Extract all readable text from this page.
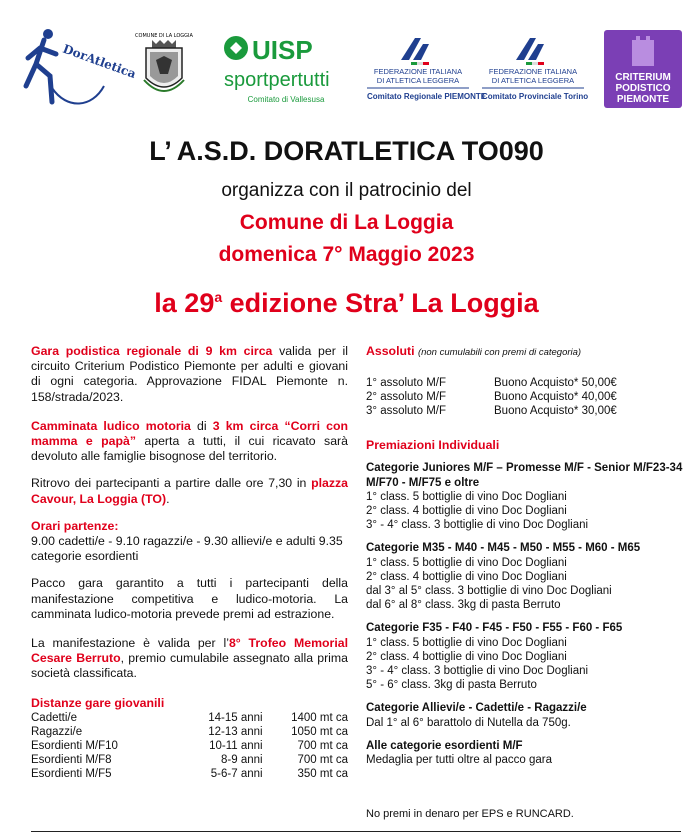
DorAtletica
COMUNE DI LA LOGGIA UISP
sportpertutti
Comitato di Vallesusa
FEDERAZIONE ITALIANA
DI ATLETICA LEGGERA
Comitato Regionale PIEMONTE
FEDERAZIONE ITALIANA
DI ATLETICA LEGGERA
Comitato Provinciale Torino
CRITERIUM
PODISTICO
PIEMONTE
L’ A.S.D. DORATLETICA TO090
organizza con il patrocinio del
Comune di La Loggia
domenica 7° Maggio 2023
la 29$^a$ edizione Stra’ La Loggia

Gara podistica regionale di 9 km circa valida per il circuito Criterium Podistico Piemonte per adulti e giovani di ogni categoria. Approvazione FIDAL Piemonte n. 158/strada/2023.

Camminata ludico motoria di 3 km circa “Corri con mamma e papà” aperta a tutti, il cui ricavato sarà devoluto alle famiglie bisognose del territorio.

Ritrovo dei partecipanti a partire dalle ore 7,30 in plazza Cavour, La Loggia (TO).

Orari partenze:

9.00 cadetti/e - 9.10 ragazzi/e - 9.30 allievi/e e adulti 9.35 categorie esordienti

Pacco gara garantito a tutti i partecipanti della manifestazione competitiva e ludico-motoria. La camminata ludico-motoria prevede premi ad estrazione.

La manifestazione è valida per l’8° Trofeo Memorial Cesare Berruto, premio cumulabile assegnato alla prima società classificata.

Distanze gare giovanili

Cadetti/e	14-15 anni	1400 mt ca
Ragazzi/e	12-13 anni	1050 mt ca
Esordienti M/F10	10-11 anni	700 mt ca
Esordienti M/F8	8-9 anni	700 mt ca
Esordienti M/F5	5-6-7 anni	350 mt ca

Assoluti (non cumulabili con premi di categoria)

1° assoluto M/F	Buono Acquisto* 50,00€
2° assoluto M/F	Buono Acquisto* 40,00€
3° assoluto M/F	Buono Acquisto* 30,00€

Premiazioni Individuali

Categorie Juniores M/F – Promesse M/F - Senior M/F23-34 M/F70 - M/F75 e oltre

1° class. 5 bottiglie di vino Doc Dogliani

2° class. 4 bottiglie di vino Doc Dogliani

3° - 4° class. 3 bottiglie di vino Doc Dogliani

Categorie M35 - M40 - M45 - M50 - M55 - M60 - M65

1° class. 5 bottiglie di vino Doc Dogliani

2° class. 4 bottiglie di vino Doc Dogliani

dal 3° al 5° class. 3 bottiglie di vino Doc Dogliani

dal 6° al 8° class. 3kg di pasta Berruto

Categorie F35 - F40 - F45 - F50 - F55 - F60 - F65

1° class. 5 bottiglie di vino Doc Dogliani

2° class. 4 bottiglie di vino Doc Dogliani

3° - 4° class. 3 bottiglie di vino Doc Dogliani

5° - 6° class. 3kg di pasta Berruto

Categorie Allievi/e - Cadetti/e - Ragazzi/e

Dal 1° al 6° barattolo di Nutella da 750g.

Alle categorie esordienti M/F

Medaglia per tutti oltre al pacco gara

No premi in denaro per EPS e RUNCARD.
